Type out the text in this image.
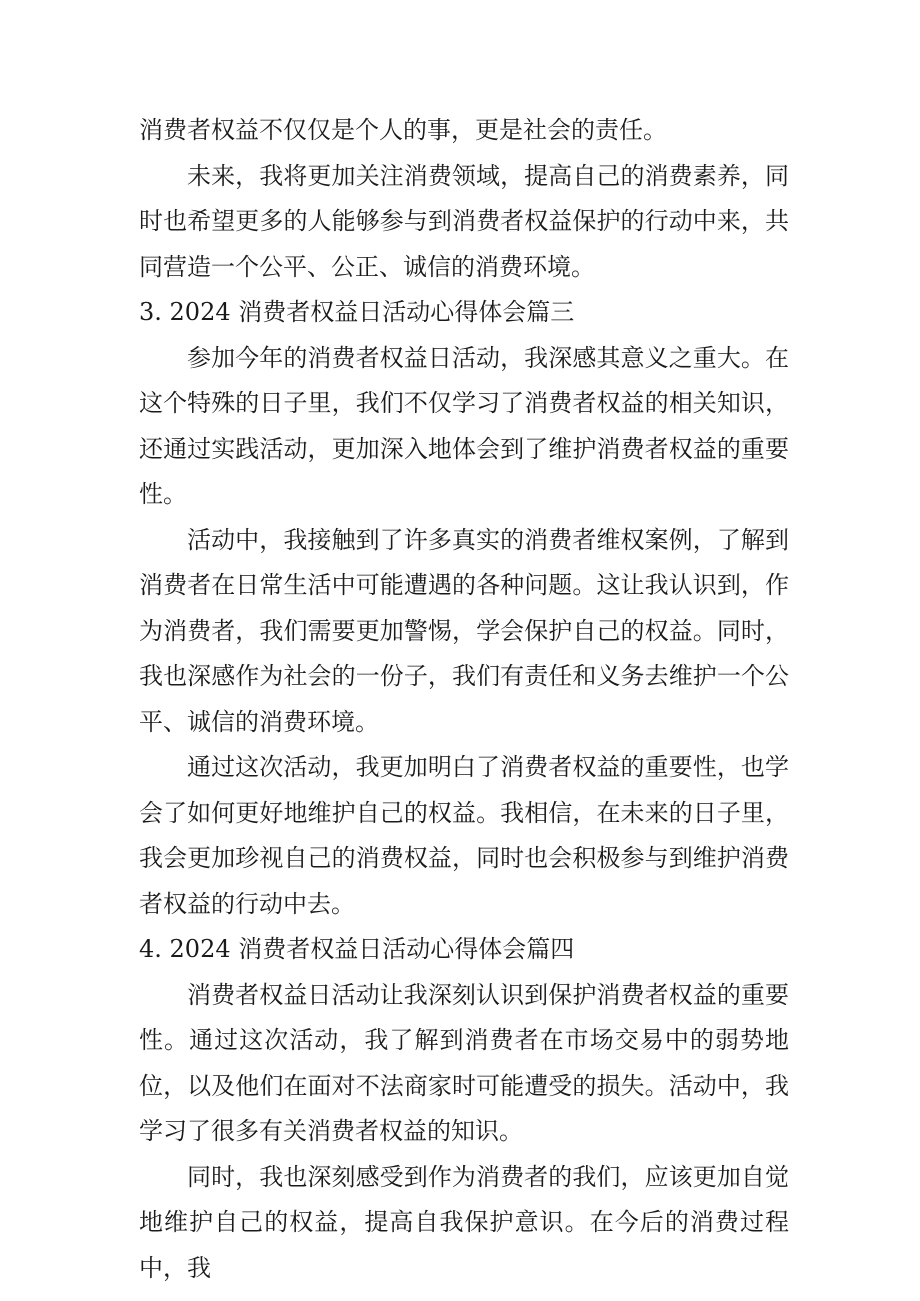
消费者权益不仅仅是个人的事，更是社会的责任。

未来，我将更加关注消费领域，提高自己的消费素养，同时也希望更多的人能够参与到消费者权益保护的行动中来，共同营造一个公平、公正、诚信的消费环境。

3. 2024 消费者权益日活动心得体会篇三

参加今年的消费者权益日活动，我深感其意义之重大。在这个特殊的日子里，我们不仅学习了消费者权益的相关知识，还通过实践活动，更加深入地体会到了维护消费者权益的重要性。

活动中，我接触到了许多真实的消费者维权案例，了解到消费者在日常生活中可能遭遇的各种问题。这让我认识到，作为消费者，我们需要更加警惕，学会保护自己的权益。同时，我也深感作为社会的一份子，我们有责任和义务去维护一个公平、诚信的消费环境。

通过这次活动，我更加明白了消费者权益的重要性，也学会了如何更好地维护自己的权益。我相信，在未来的日子里，我会更加珍视自己的消费权益，同时也会积极参与到维护消费者权益的行动中去。

4. 2024 消费者权益日活动心得体会篇四

消费者权益日活动让我深刻认识到保护消费者权益的重要性。通过这次活动，我了解到消费者在市场交易中的弱势地位，以及他们在面对不法商家时可能遭受的损失。活动中，我学习了很多有关消费者权益的知识。

同时，我也深刻感受到作为消费者的我们，应该更加自觉地维护自己的权益，提高自我保护意识。在今后的消费过程中，我
